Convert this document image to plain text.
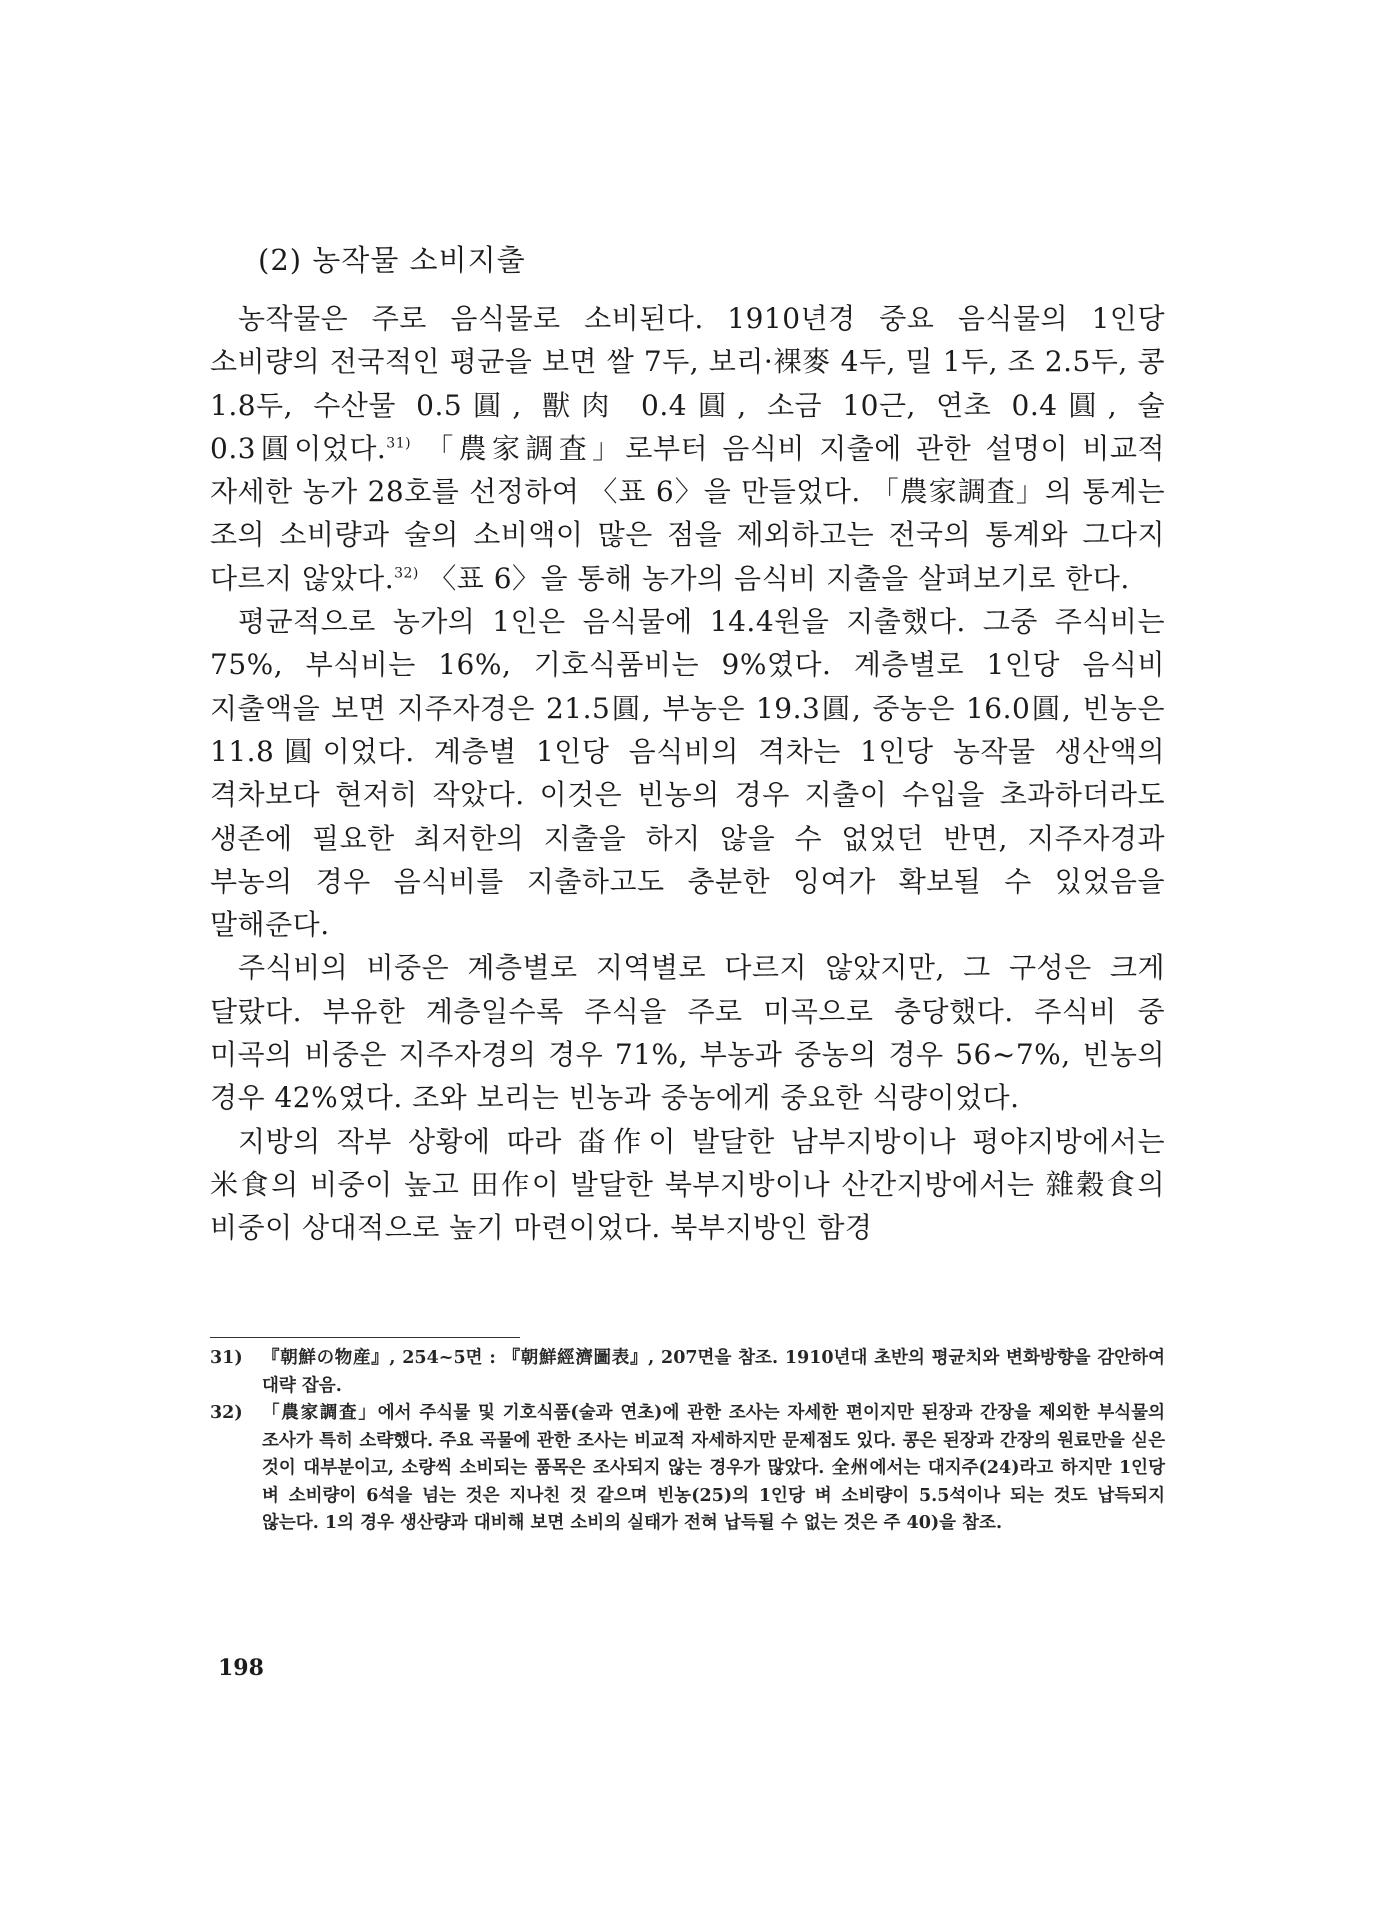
(2) 농작물 소비지출

농작물은 주로 음식물로 소비된다. 1910년경 중요 음식물의 1인당 소비량의 전국적인 평균을 보면 쌀 7두, 보리·裸麥 4두, 밀 1두, 조 2.5두, 콩 1.8두, 수산물 0.5圓, 獸肉 0.4圓, 소금 10근, 연초 0.4圓, 술 0.3圓이었다.$^{31)}$ 「農家調査」로부터 음식비 지출에 관한 설명이 비교적 자세한 농가 28호를 선정하여 〈표 6〉을 만들었다. 「農家調査」의 통계는 조의 소비량과 술의 소비액이 많은 점을 제외하고는 전국의 통계와 그다지 다르지 않았다.$^{32)}$ 〈표 6〉을 통해 농가의 음식비 지출을 살펴보기로 한다.

평균적으로 농가의 1인은 음식물에 14.4원을 지출했다. 그중 주식비는 75%, 부식비는 16%, 기호식품비는 9%였다. 계층별로 1인당 음식비 지출액을 보면 지주자경은 21.5圓, 부농은 19.3圓, 중농은 16.0圓, 빈농은 11.8圓이었다. 계층별 1인당 음식비의 격차는 1인당 농작물 생산액의 격차보다 현저히 작았다. 이것은 빈농의 경우 지출이 수입을 초과하더라도 생존에 필요한 최저한의 지출을 하지 않을 수 없었던 반면, 지주자경과 부농의 경우 음식비를 지출하고도 충분한 잉여가 확보될 수 있었음을 말해준다.

주식비의 비중은 계층별로 지역별로 다르지 않았지만, 그 구성은 크게 달랐다. 부유한 계층일수록 주식을 주로 미곡으로 충당했다. 주식비 중 미곡의 비중은 지주자경의 경우 71%, 부농과 중농의 경우 56~7%, 빈농의 경우 42%였다. 조와 보리는 빈농과 중농에게 중요한 식량이었다.

지방의 작부 상황에 따라 畓作이 발달한 남부지방이나 평야지방에서는 米食의 비중이 높고 田作이 발달한 북부지방이나 산간지방에서는 雜穀食의 비중이 상대적으로 높기 마련이었다. 북부지방인 함경

31)	『朝鮮の物産』, 254~5면 : 『朝鮮經濟圖表』, 207면을 참조. 1910년대 초반의 평균치와 변화방향을 감안하여 대략 잡음.
32)	「農家調査」에서 주식물 및 기호식품(술과 연초)에 관한 조사는 자세한 편이지만 된장과 간장을 제외한 부식물의 조사가 특히 소략했다. 주요 곡물에 관한 조사는 비교적 자세하지만 문제점도 있다. 콩은 된장과 간장의 원료만을 싣은 것이 대부분이고, 소량씩 소비되는 품목은 조사되지 않는 경우가 많았다. 全州에서는 대지주(24)라고 하지만 1인당 벼 소비량이 6석을 넘는 것은 지나친 것 같으며 빈농(25)의 1인당 벼 소비량이 5.5석이나 되는 것도 납득되지 않는다. 1의 경우 생산량과 대비해 보면 소비의 실태가 전혀 납득될 수 없는 것은 주 40)을 참조.
198
